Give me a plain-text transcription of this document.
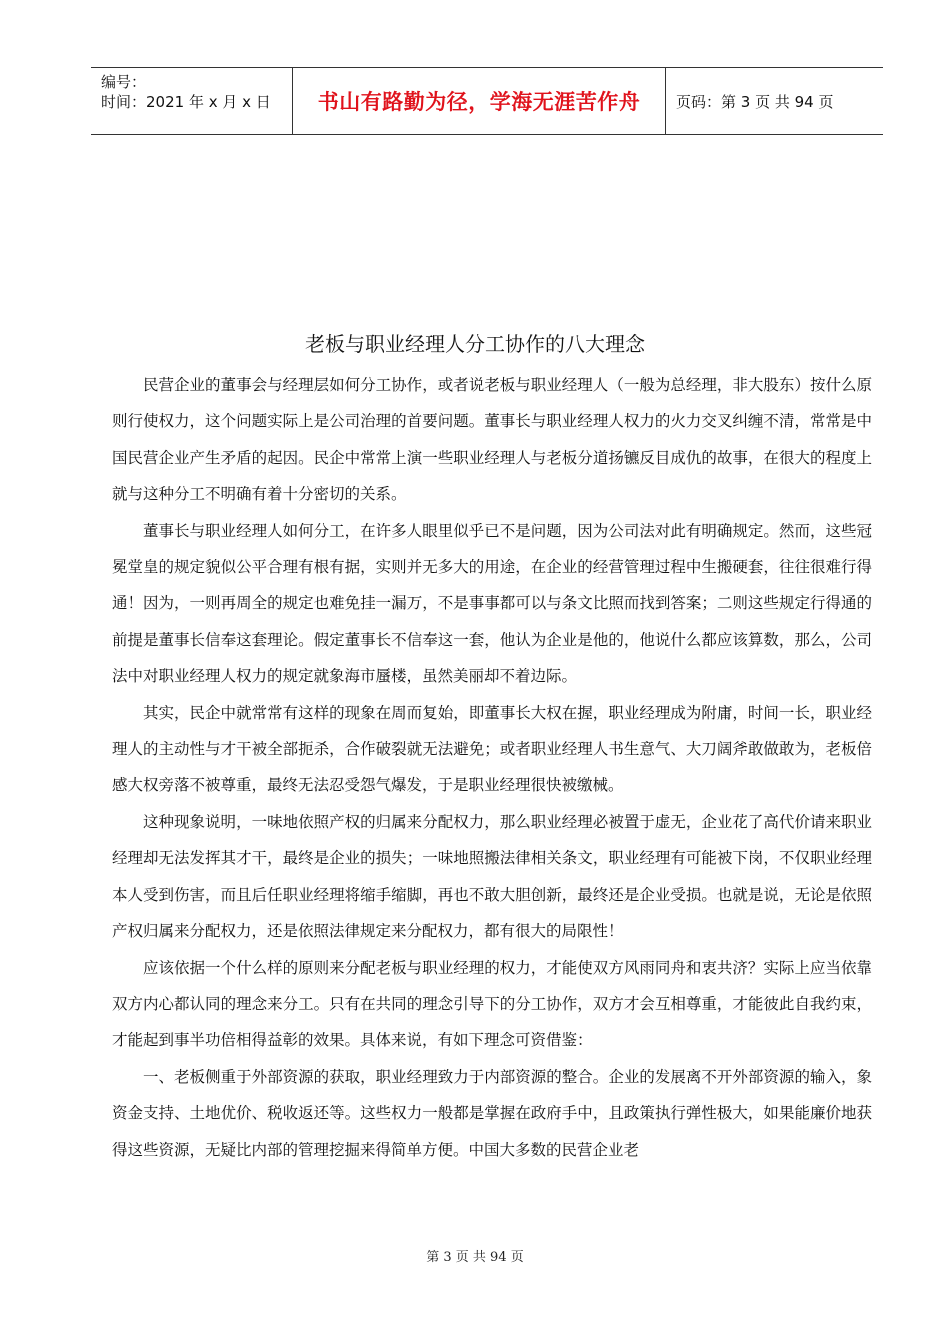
编号：
时间：2021 年 x 月 x 日	书山有路勤为径，学海无涯苦作舟	页码：第 3 页 共 94 页
老板与职业经理人分工协作的八大理念

民营企业的董事会与经理层如何分工协作，或者说老板与职业经理人（一般为总经理，非大股东）按什么原则行使权力，这个问题实际上是公司治理的首要问题。董事长与职业经理人权力的火力交叉纠缠不清，常常是中国民营企业产生矛盾的起因。民企中常常上演一些职业经理人与老板分道扬镳反目成仇的故事，在很大的程度上就与这种分工不明确有着十分密切的关系。

董事长与职业经理人如何分工，在许多人眼里似乎已不是问题，因为公司法对此有明确规定。然而，这些冠冕堂皇的规定貌似公平合理有根有据，实则并无多大的用途，在企业的经营管理过程中生搬硬套，往往很难行得通！因为，一则再周全的规定也难免挂一漏万，不是事事都可以与条文比照而找到答案；二则这些规定行得通的前提是董事长信奉这套理论。假定董事长不信奉这一套，他认为企业是他的，他说什么都应该算数，那么，公司法中对职业经理人权力的规定就象海市蜃楼，虽然美丽却不着边际。

其实，民企中就常常有这样的现象在周而复始，即董事长大权在握，职业经理成为附庸，时间一长，职业经理人的主动性与才干被全部扼杀，合作破裂就无法避免；或者职业经理人书生意气、大刀阔斧敢做敢为，老板倍感大权旁落不被尊重，最终无法忍受怨气爆发，于是职业经理很快被缴械。

这种现象说明，一味地依照产权的归属来分配权力，那么职业经理必被置于虚无，企业花了高代价请来职业经理却无法发挥其才干，最终是企业的损失；一味地照搬法律相关条文，职业经理有可能被下岗，不仅职业经理本人受到伤害，而且后任职业经理将缩手缩脚，再也不敢大胆创新，最终还是企业受损。也就是说，无论是依照产权归属来分配权力，还是依照法律规定来分配权力，都有很大的局限性！

应该依据一个什么样的原则来分配老板与职业经理的权力，才能使双方风雨同舟和衷共济？实际上应当依靠双方内心都认同的理念来分工。只有在共同的理念引导下的分工协作，双方才会互相尊重，才能彼此自我约束，才能起到事半功倍相得益彰的效果。具体来说，有如下理念可资借鉴：

一、老板侧重于外部资源的获取，职业经理致力于内部资源的整合。企业的发展离不开外部资源的输入，象资金支持、土地优价、税收返还等。这些权力一般都是掌握在政府手中，且政策执行弹性极大，如果能廉价地获得这些资源，无疑比内部的管理挖掘来得简单方便。中国大多数的民营企业老

第 3 页 共 94 页
